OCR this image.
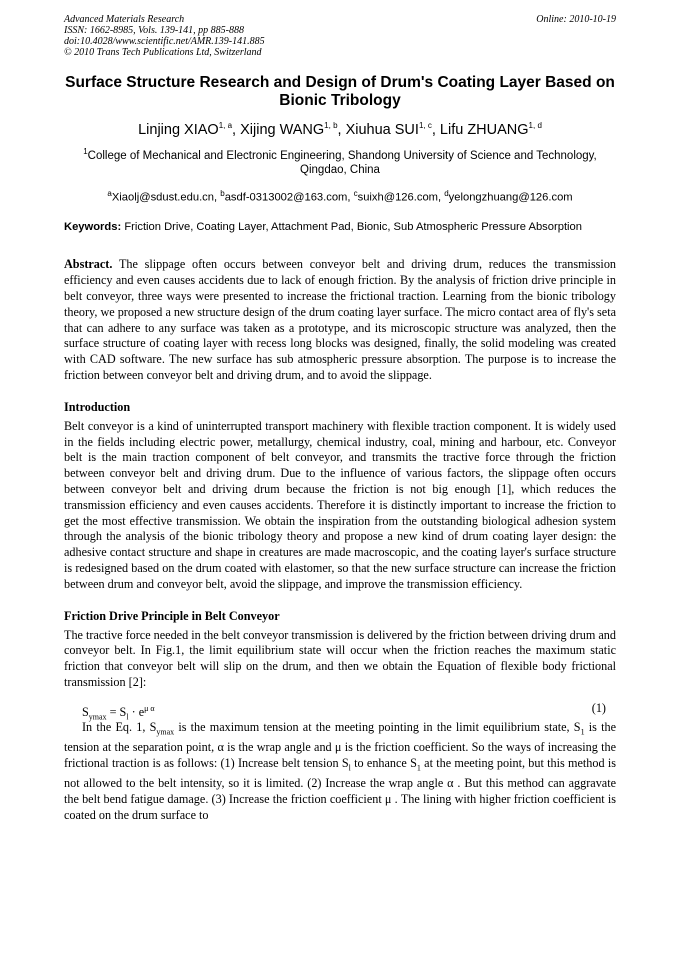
Advanced Materials Research
ISSN: 1662-8985, Vols. 139-141, pp 885-888
doi:10.4028/www.scientific.net/AMR.139-141.885
© 2010 Trans Tech Publications Ltd, Switzerland
Online: 2010-10-19
Surface Structure Research and Design of Drum's Coating Layer Based on Bionic Tribology
Linjing XIAO$^{1, a}$, Xijing WANG$^{1, b}$, Xiuhua SUI$^{1, c}$, Lifu ZHUANG$^{1, d}$
$^1$College of Mechanical and Electronic Engineering, Shandong University of Science and Technology, Qingdao, China
$^a$Xiaolj@sdust.edu.cn, $^b$asdf-0313002@163.com, $^c$suixh@126.com, $^d$yelongzhuang@126.com
Keywords: Friction Drive, Coating Layer, Attachment Pad, Bionic, Sub Atmospheric Pressure Absorption
Abstract. The slippage often occurs between conveyor belt and driving drum, reduces the transmission efficiency and even causes accidents due to lack of enough friction. By the analysis of friction drive principle in belt conveyor, three ways were presented to increase the frictional traction. Learning from the bionic tribology theory, we proposed a new structure design of the drum coating layer surface. The micro contact area of fly's seta that can adhere to any surface was taken as a prototype, and its microscopic structure was analyzed, then the surface structure of coating layer with recess long blocks was designed, finally, the solid modeling was created with CAD software. The new surface has sub atmospheric pressure absorption. The purpose is to increase the friction between conveyor belt and driving drum, and to avoid the slippage.
Introduction
Belt conveyor is a kind of uninterrupted transport machinery with flexible traction component. It is widely used in the fields including electric power, metallurgy, chemical industry, coal, mining and harbour, etc. Conveyor belt is the main traction component of belt conveyor, and transmits the tractive force through the friction between conveyor belt and driving drum. Due to the influence of various factors, the slippage often occurs between conveyor belt and driving drum because the friction is not big enough [1], which reduces the transmission efficiency and even causes accidents. Therefore it is distinctly important to increase the friction to get the most effective transmission. We obtain the inspiration from the outstanding biological adhesion system through the analysis of the bionic tribology theory and propose a new kind of drum coating layer design: the adhesive contact structure and shape in creatures are made macroscopic, and the coating layer's surface structure is redesigned based on the drum coated with elastomer, so that the new surface structure can increase the friction between drum and conveyor belt, avoid the slippage, and improve the transmission efficiency.
Friction Drive Principle in Belt Conveyor
The tractive force needed in the belt conveyor transmission is delivered by the friction between driving drum and conveyor belt. In Fig.1, the limit equilibrium state will occur when the friction reaches the maximum static friction that conveyor belt will slip on the drum, and then we obtain the Equation of flexible body frictional transmission [2]:
$S_{ymax} = S_l \cdot e^{\mu \alpha}$	(1)
In the Eq. 1, $S_{ymax}$ is the maximum tension at the meeting pointing in the limit equilibrium state, $S_1$ is the tension at the separation point, α is the wrap angle and μ is the friction coefficient. So the ways of increasing the frictional traction is as follows: (1) Increase belt tension $S_l$ to enhance $S_1$ at the meeting point, but this method is not allowed to the belt intensity, so it is limited. (2) Increase the wrap angle α . But this method can aggravate the belt bend fatigue damage. (3) Increase the friction coefficient μ . The lining with higher friction coefficient is coated on the drum surface to
